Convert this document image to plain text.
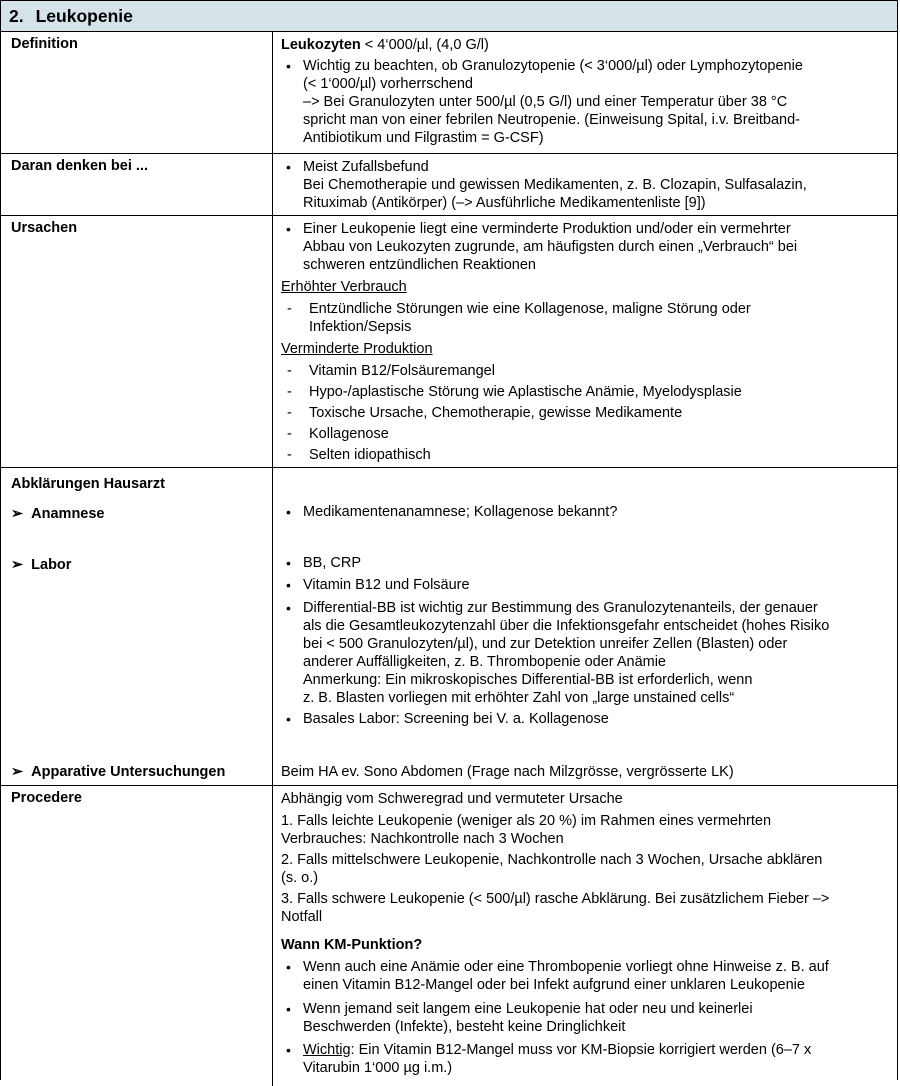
2. Leukopenie
Definition	Leukozyten < 4‘000/µl, (4,0 G/l)
• Wichtig zu beachten, ob Granulozytopenie (< 3‘000/µl) oder Lymphozytopenie
(< 1‘000/µl) vorherrschend
–> Bei Granulozyten unter 500/µl (0,5 G/l) und einer Temperatur über 38 °C
spricht man von einer febrilen Neutropenie. (Einweisung Spital, i.v. Breitband-
Antibiotikum und Filgrastim = G-CSF)
Daran denken bei ...	• Meist Zufallsbefund
Bei Chemotherapie und gewissen Medikamenten, z. B. Clozapin, Sulfasalazin,
Rituximab (Antikörper) (–> Ausführliche Medikamentenliste [9])
Ursachen	• Einer Leukopenie liegt eine verminderte Produktion und/oder ein vermehrter
Abbau von Leukozyten zugrunde, am häufigsten durch einen „Verbrauch“ bei
schweren entzündlichen Reaktionen
Erhöhter Verbrauch
- Entzündliche Störungen wie eine Kollagenose, maligne Störung oder
Infektion/Sepsis
Verminderte Produktion
- Vitamin B12/Folsäuremangel
- Hypo-/aplastische Störung wie Aplastische Anämie, Myelodysplasie
- Toxische Ursache, Chemotherapie, gewisse Medikamente
- Kollagenose
- Selten idiopathisch
Abklärungen Hausarzt
➢ Anamnese	• Medikamentenanamnese; Kollagenose bekannt?
➢ Labor	• BB, CRP
• Vitamin B12 und Folsäure
• Differential-BB ist wichtig zur Bestimmung des Granulozytenanteils, der genauer
als die Gesamtleukozytenzahl über die Infektionsgefahr entscheidet (hohes Risiko
bei < 500 Granulozyten/µl), und zur Detektion unreifer Zellen (Blasten) oder
anderer Auffälligkeiten, z. B. Thrombopenie oder Anämie
Anmerkung: Ein mikroskopisches Differential-BB ist erforderlich, wenn
z. B. Blasten vorliegen mit erhöhter Zahl von „large unstained cells“
• Basales Labor: Screening bei V. a. Kollagenose
➢ Apparative Untersuchungen	Beim HA ev. Sono Abdomen (Frage nach Milzgrösse, vergrösserte LK)
Procedere	Abhängig vom Schweregrad und vermuteter Ursache
1. Falls leichte Leukopenie (weniger als 20 %) im Rahmen eines vermehrten
Verbrauches: Nachkontrolle nach 3 Wochen
2. Falls mittelschwere Leukopenie, Nachkontrolle nach 3 Wochen, Ursache abklären
(s. o.)
3. Falls schwere Leukopenie (< 500/µl) rasche Abklärung. Bei zusätzlichem Fieber –>
Notfall
Wann KM-Punktion?
• Wenn auch eine Anämie oder eine Thrombopenie vorliegt ohne Hinweise z. B. auf
einen Vitamin B12-Mangel oder bei Infekt aufgrund einer unklaren Leukopenie
• Wenn jemand seit langem eine Leukopenie hat oder neu und keinerlei
Beschwerden (Infekte), besteht keine Dringlichkeit
• Wichtig: Ein Vitamin B12-Mangel muss vor KM-Biopsie korrigiert werden (6–7 x
Vitarubin 1‘000 µg i.m.)
